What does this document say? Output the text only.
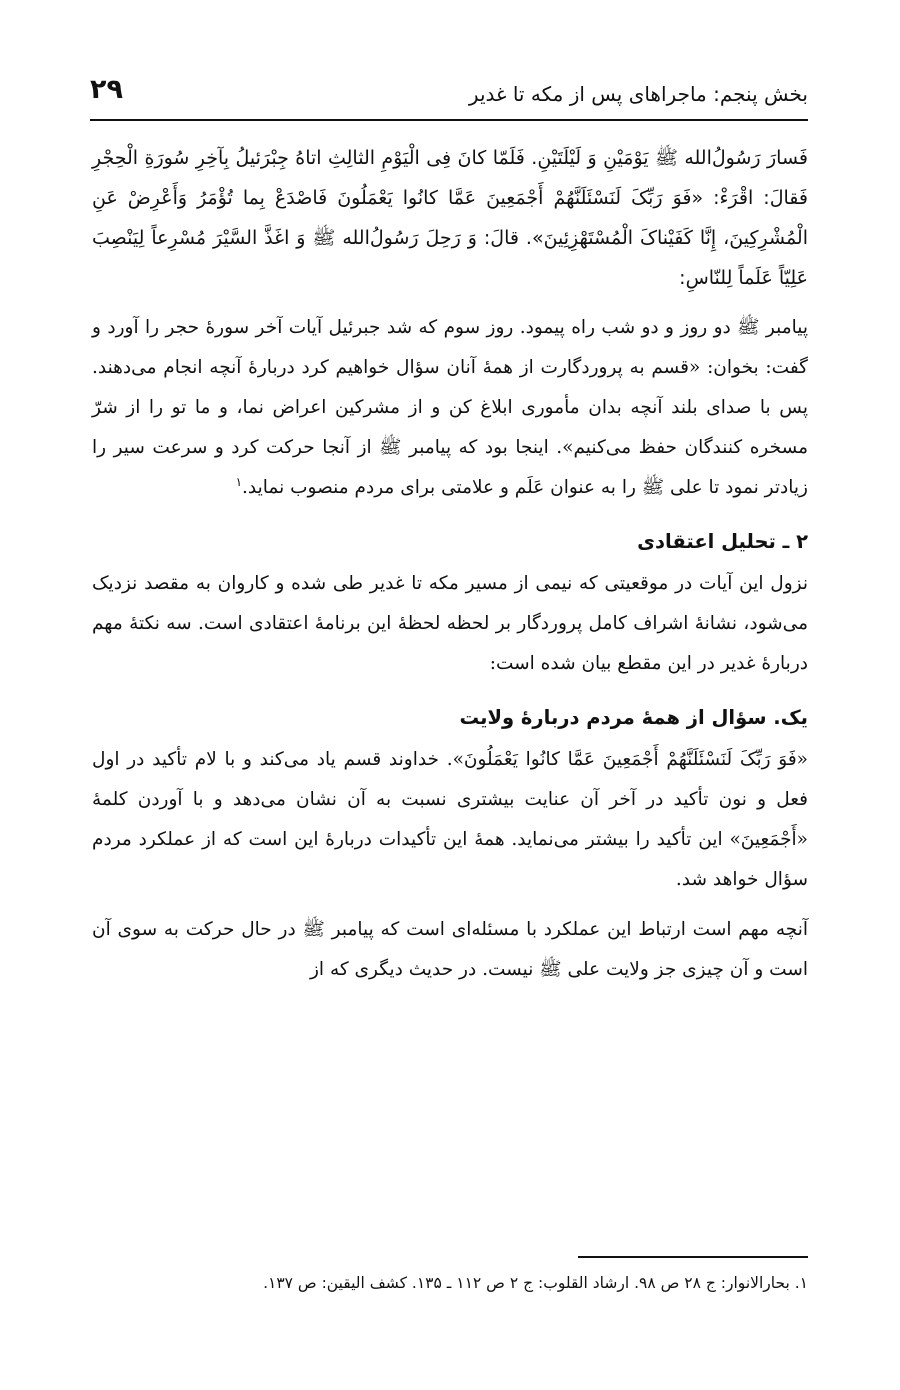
بخش پنجم: ماجراهای پس از مکه تا غدیر
۲۹

فَسارَ رَسُولُ‌الله ﷺ یَوْمَیْنِ وَ لَیْلَتَیْنِ. فَلَمّا کانَ فِی الْیَوْمِ الثالِثِ اتاهُ جِبْرَئیلُ بِآخِرِ سُورَةِ الْحِجْرِ فَقالَ: اقْرَءْ: «فَوَ رَبِّکَ لَنَسْئَلَنَّهُمْ أَجْمَعِینَ عَمَّا کانُوا یَعْمَلُونَ فَاصْدَعْ بِما تُؤْمَرُ وَأَعْرِضْ عَنِ الْمُشْرِکِینَ، إِنَّا کَفَیْناکَ الْمُسْتَهْزِئِینَ». قالَ: وَ رَحِلَ رَسُولُ‌الله ﷺ وَ اغَذَّ السَّیْرَ مُسْرِعاً لِیَنْصِبَ عَلِیّاً عَلَماً لِلنّاسِ:

پیامبر ﷺ دو روز و دو شب راه پیمود. روز سوم که شد جبرئیل آیات آخر سورهٔ حجر را آورد و گفت: بخوان: «قسم به پروردگارت از همهٔ آنان سؤال خواهیم کرد دربارهٔ آنچه انجام می‌دهند. پس با صدای بلند آنچه بدان مأموری ابلاغ کن و از مشرکین اعراض نما، و ما تو را از شرّ مسخره کنندگان حفظ می‌کنیم». اینجا بود که پیامبر ﷺ از آنجا حرکت کرد و سرعت سیر را زیادتر نمود تا علی ﷺ را به عنوان عَلَم و علامتی برای مردم منصوب نماید.$^۱$

۲ ـ تحلیل اعتقادی

نزول این آیات در موقعیتی که نیمی از مسیر مکه تا غدیر طی شده و کاروان به مقصد نزدیک می‌شود، نشانهٔ اشراف کامل پروردگار بر لحظه لحظهٔ این برنامهٔ اعتقادی است. سه نکتهٔ مهم دربارهٔ غدیر در این مقطع بیان شده است:

یک. سؤال از همهٔ مردم دربارهٔ ولایت

«فَوَ رَبِّکَ لَنَسْئَلَنَّهُمْ أَجْمَعِینَ عَمَّا کانُوا یَعْمَلُونَ». خداوند قسم یاد می‌کند و با لام تأکید در اول فعل و نون تأکید در آخر آن عنایت بیشتری نسبت به آن نشان می‌دهد و با آوردن کلمهٔ «أَجْمَعِینَ» این تأکید را بیشتر می‌نماید. همهٔ این تأکیدات دربارهٔ این است که از عملکرد مردم سؤال خواهد شد.

آنچه مهم است ارتباط این عملکرد با مسئله‌ای است که پیامبر ﷺ در حال حرکت به سوی آن است و آن چیزی جز ولایت علی ﷺ نیست. در حدیث دیگری که از

۱. بحارالانوار: ج ۲۸ ص ۹۸. ارشاد القلوب: ج ۲ ص ۱۱۲ ـ ۱۳۵. کشف الیقین: ص ۱۳۷.
